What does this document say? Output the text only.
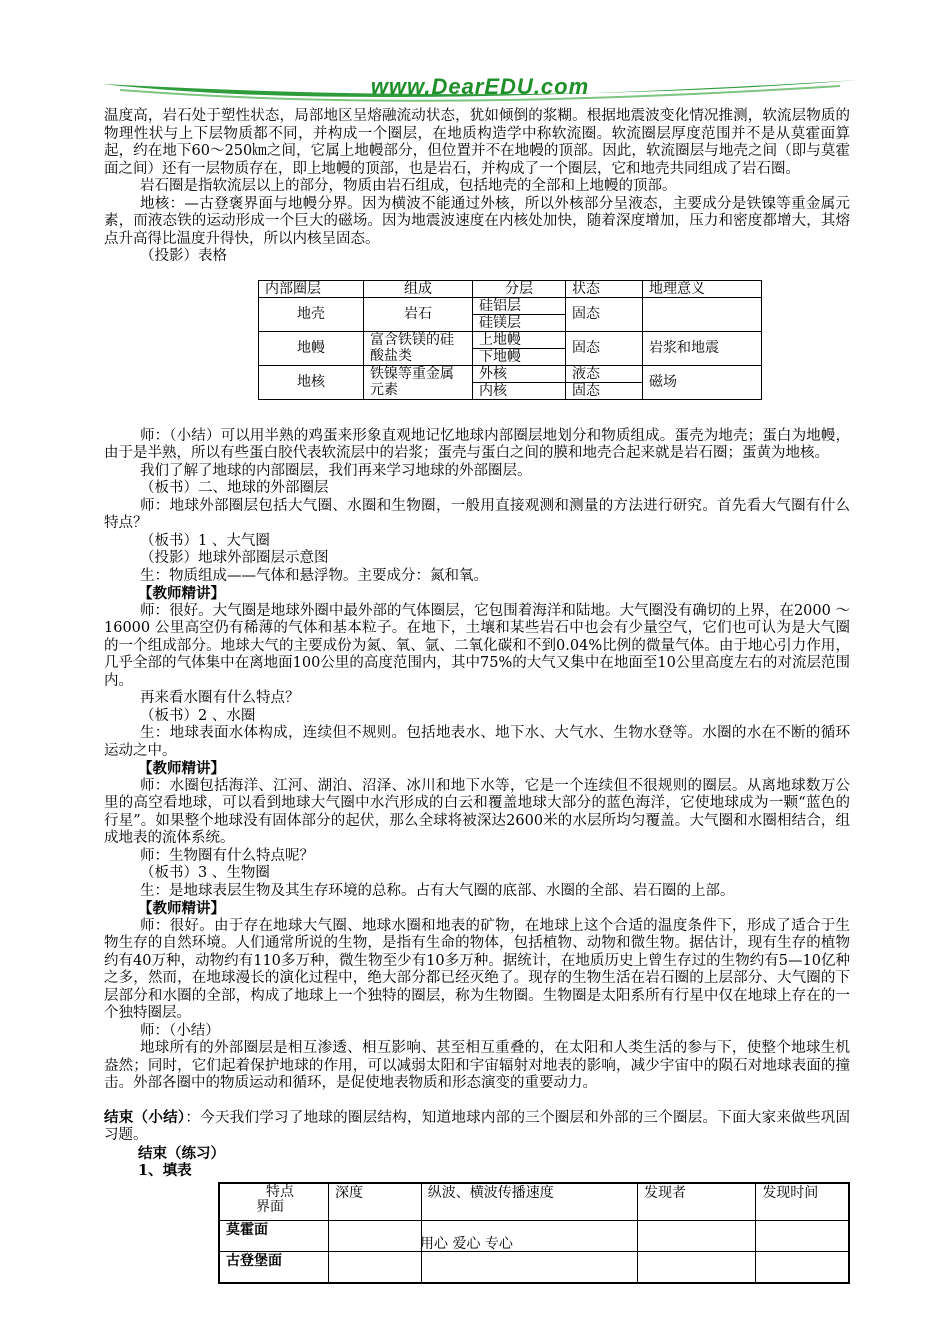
www.DearEDU.com

温度高，岩石处于塑性状态，局部地区呈熔融流动状态，犹如倾倒的浆糊。根据地震波变化情况推测，软流层物质的物理性状与上下层物质都不同，并构成一个圈层，在地质构造学中称软流圈。软流圈层厚度范围并不是从莫霍面算起，约在地下60～250㎞之间，它属上地幔部分，但位置并不在地幔的顶部。因此，软流圈层与地壳之间（即与莫霍面之间）还有一层物质存在，即上地幔的顶部，也是岩石，并构成了一个圈层，它和地壳共同组成了岩石圈。

岩石圈是指软流层以上的部分，物质由岩石组成，包括地壳的全部和上地幔的顶部。

地核：—古登褒界面与地幔分界。因为横波不能通过外核，所以外核部分呈液态，主要成分是铁镍等重金属元素，而液态铁的运动形成一个巨大的磁场。因为地震波速度在内核处加快，随着深度增加，压力和密度都增大，其熔点升高得比温度升得快，所以内核呈固态。

（投影）表格

内部圈层	组成	分层	状态	地理意义
地壳	岩石	硅铝层	固态	
		硅镁层		
地幔	富含铁镁的硅酸盐类	上地幔	固态	岩浆和地震
		下地幔		
地核	铁镍等重金属元素	外核	液态	磁场
		内核	固态	

师：（小结）可以用半熟的鸡蛋来形象直观地记忆地球内部圈层地划分和物质组成。蛋壳为地壳；蛋白为地幔，由于是半熟，所以有些蛋白胶代表软流层中的岩浆；蛋壳与蛋白之间的膜和地壳合起来就是岩石圈；蛋黄为地核。

我们了解了地球的内部圈层，我们再来学习地球的外部圈层。

（板书）二、地球的外部圈层

师：地球外部圈层包括大气圈、水圈和生物圈，一般用直接观测和测量的方法进行研究。首先看大气圈有什么特点？

（板书）1 、大气圈

（投影）地球外部圈层示意图

生：物质组成——气体和悬浮物。主要成分：氮和氧。

【教师精讲】

师：很好。大气圈是地球外圈中最外部的气体圈层，它包围着海洋和陆地。大气圈没有确切的上界，在2000 ～ 16000 公里高空仍有稀薄的气体和基本粒子。在地下，土壤和某些岩石中也会有少量空气，它们也可认为是大气圈的一个组成部分。地球大气的主要成份为氮、氧、氩、二氧化碳和不到0.04%比例的微量气体。由于地心引力作用，几乎全部的气体集中在离地面100公里的高度范围内，其中75%的大气又集中在地面至10公里高度左右的对流层范围内。

再来看水圈有什么特点？

（板书）2 、水圈

生：地球表面水体构成，连续但不规则。包括地表水、地下水、大气水、生物水登等。水圈的水在不断的循环运动之中。

【教师精讲】

师：水圈包括海洋、江河、湖泊、沼泽、冰川和地下水等，它是一个连续但不很规则的圈层。从离地球数万公里的高空看地球，可以看到地球大气圈中水汽形成的白云和覆盖地球大部分的蓝色海洋，它使地球成为一颗“蓝色的行星”。如果整个地球没有固体部分的起伏，那么全球将被深达2600米的水层所均匀覆盖。大气圈和水圈相结合，组成地表的流体系统。

师：生物圈有什么特点呢？

（板书）3 、生物圈

生：是地球表层生物及其生存环境的总称。占有大气圈的底部、水圈的全部、岩石圈的上部。

【教师精讲】

师：很好。由于存在地球大气圈、地球水圈和地表的矿物，在地球上这个合适的温度条件下，形成了适合于生物生存的自然环境。人们通常所说的生物，是指有生命的物体，包括植物、动物和微生物。据估计，现有生存的植物约有40万种，动物约有110多万种，微生物至少有10多万种。据统计，在地质历史上曾生存过的生物约有5—10亿种之多，然而，在地球漫长的演化过程中，绝大部分都已经灭绝了。现存的生物生活在岩石圈的上层部分、大气圈的下层部分和水圈的全部，构成了地球上一个独特的圈层，称为生物圈。生物圈是太阳系所有行星中仅在地球上存在的一个独特圈层。

师：（小结）

地球所有的外部圈层是相互渗透、相互影响、甚至相互重叠的，在太阳和人类生活的参与下，使整个地球生机盎然；同时，它们起着保护地球的作用，可以减弱太阳和宇宙辐射对地表的影响，减少宇宙中的陨石对地球表面的撞击。外部各圈中的物质运动和循环，是促使地表物质和形态演变的重要动力。

结束（小结）：今天我们学习了地球的圈层结构，知道地球内部的三个圈层和外部的三个圈层。下面大家来做些巩固习题。

结束（练习）

1、填表

特点
界面	深度	纵波、横波传播速度	发现者	发现时间
莫霍面				
古登堡面				
用心 爱心 专心
